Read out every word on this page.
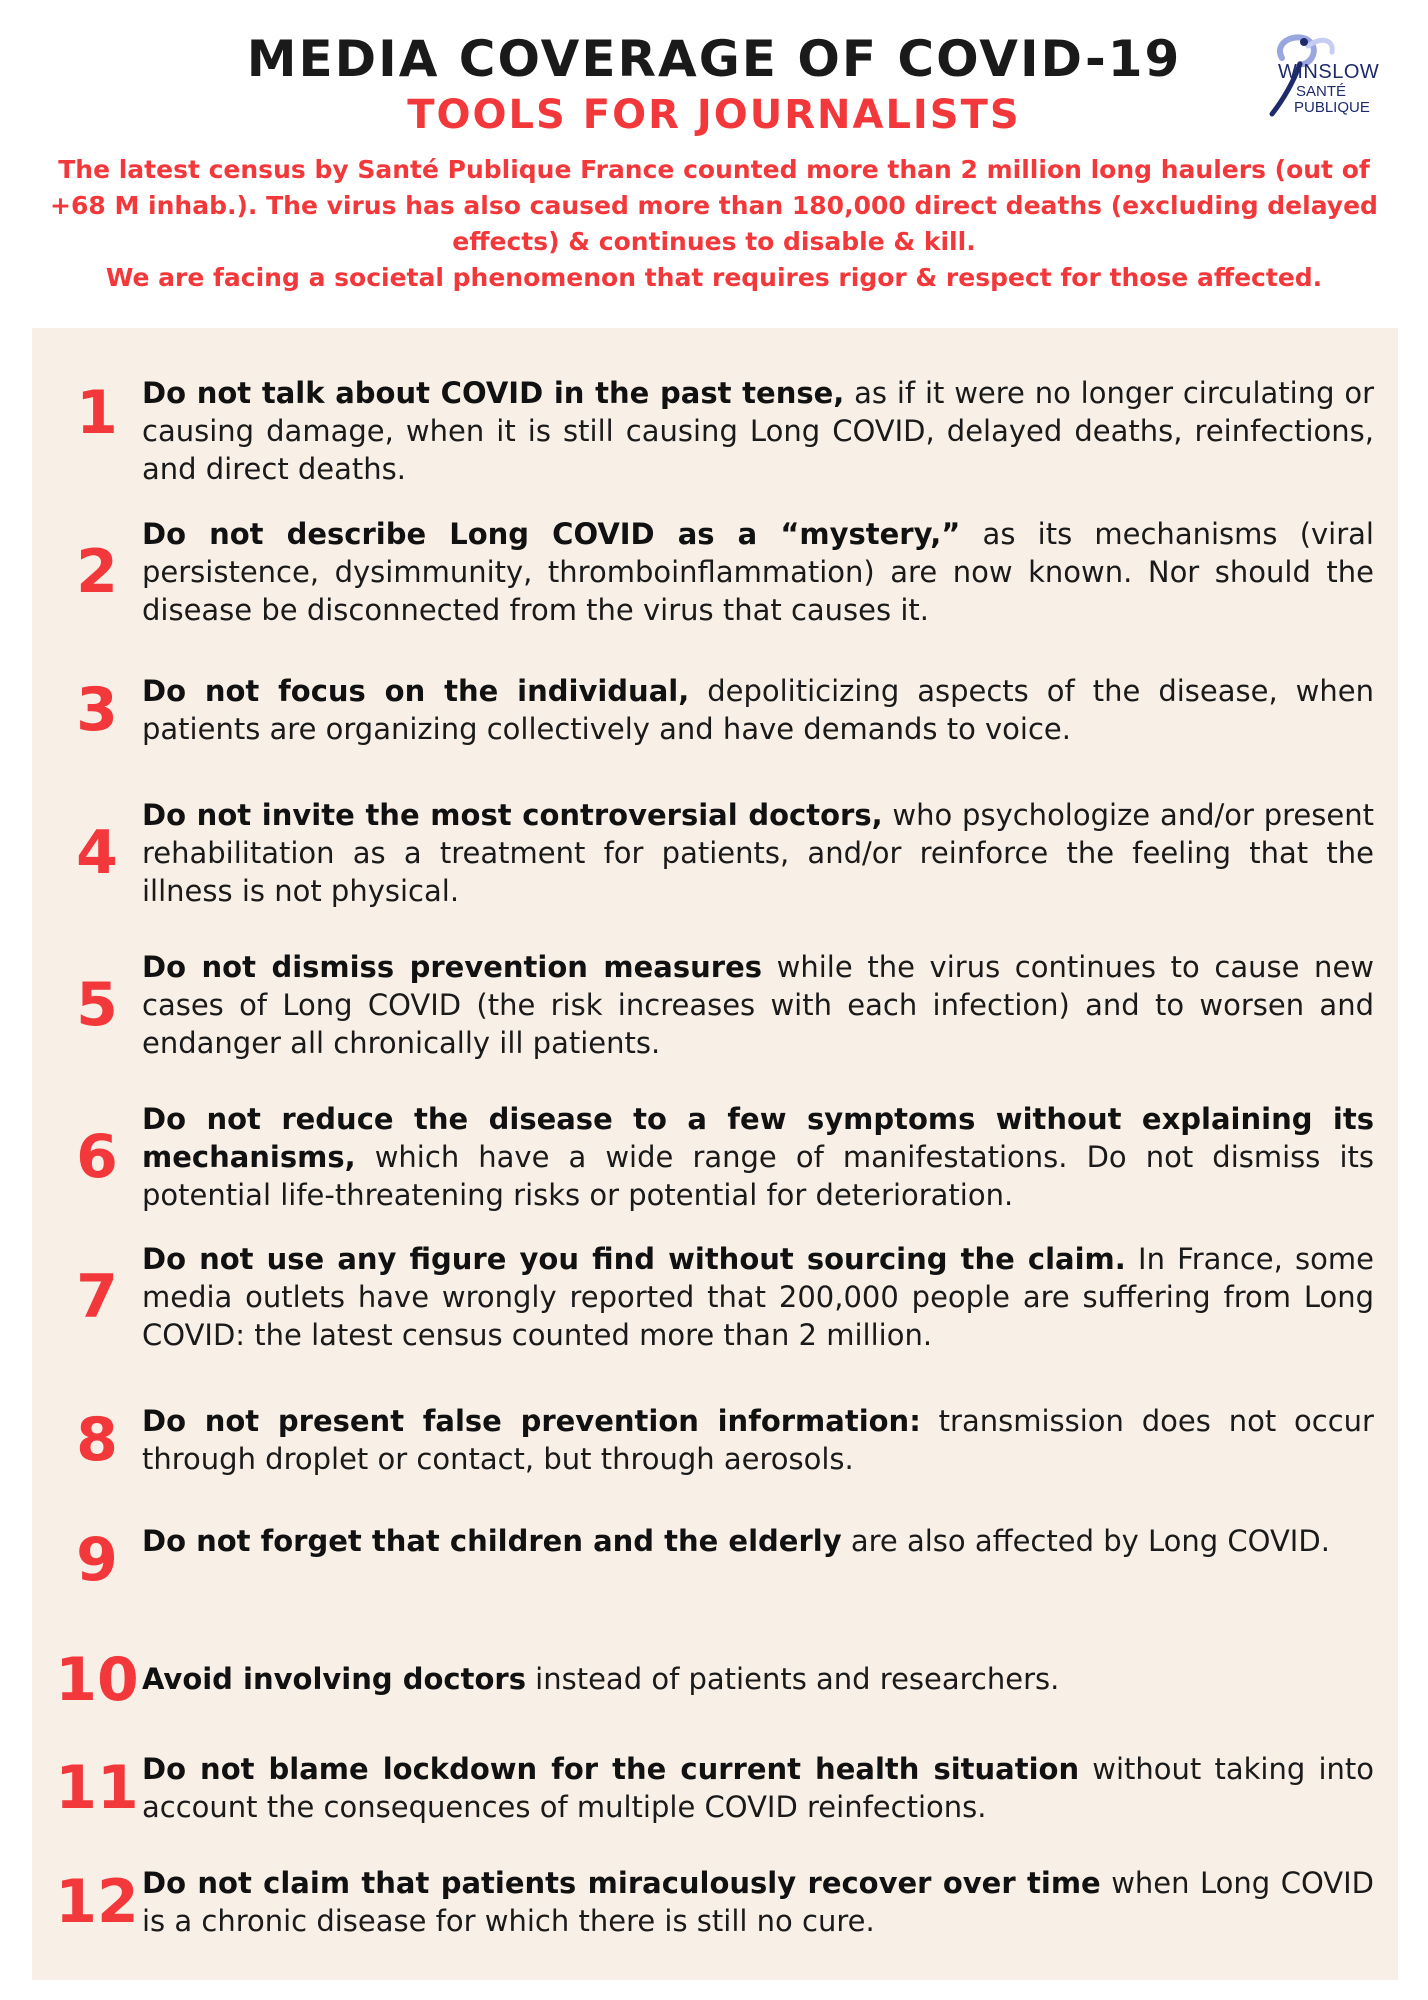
MEDIA COVERAGE OF COVID-19
TOOLS FOR JOURNALISTS

The latest census by Santé Publique France counted more than 2 million long haulers (out of +68 M inhab.). The virus has also caused more than 180,000 direct deaths (excluding delayed effects) & continues to disable & kill.

We are facing a societal phenomenon that requires rigor & respect for those affected.

WINSLOW
SANTÉ
PUBLIQUE
1 Do not talk about COVID in the past tense, as if it were no longer circulating or causing damage, when it is still causing Long COVID, delayed deaths, reinfections, and direct deaths.

2

Do not describe Long COVID as a “mystery,” as its mechanisms (viral persistence, dysimmunity, thromboinflammation) are now known. Nor should the disease be disconnected from the virus that causes it.

3 Do not focus on the individual, depoliticizing aspects of the disease, when patients are organizing collectively and have demands to voice.

4

Do not invite the most controversial doctors, who psychologize and/or present rehabilitation as a treatment for patients, and/or reinforce the feeling that the illness is not physical.

5

Do not dismiss prevention measures while the virus continues to cause new cases of Long COVID (the risk increases with each infection) and to worsen and endanger all chronically ill patients.

6

Do not reduce the disease to a few symptoms without explaining its mechanisms, which have a wide range of manifestations. Do not dismiss its potential life-threatening risks or potential for deterioration.

7

Do not use any figure you find without sourcing the claim. In France, some media outlets have wrongly reported that 200,000 people are suffering from Long COVID: the latest census counted more than 2 million.

8 Do not present false prevention information: transmission does not occur through droplet or contact, but through aerosols.

9 Do not forget that children and the elderly are also affected by Long COVID.

10 Avoid involving doctors instead of patients and researchers.

11 Do not blame lockdown for the current health situation without taking into account the consequences of multiple COVID reinfections.

12 Do not claim that patients miraculously recover over time when Long COVID is a chronic disease for which there is still no cure.
